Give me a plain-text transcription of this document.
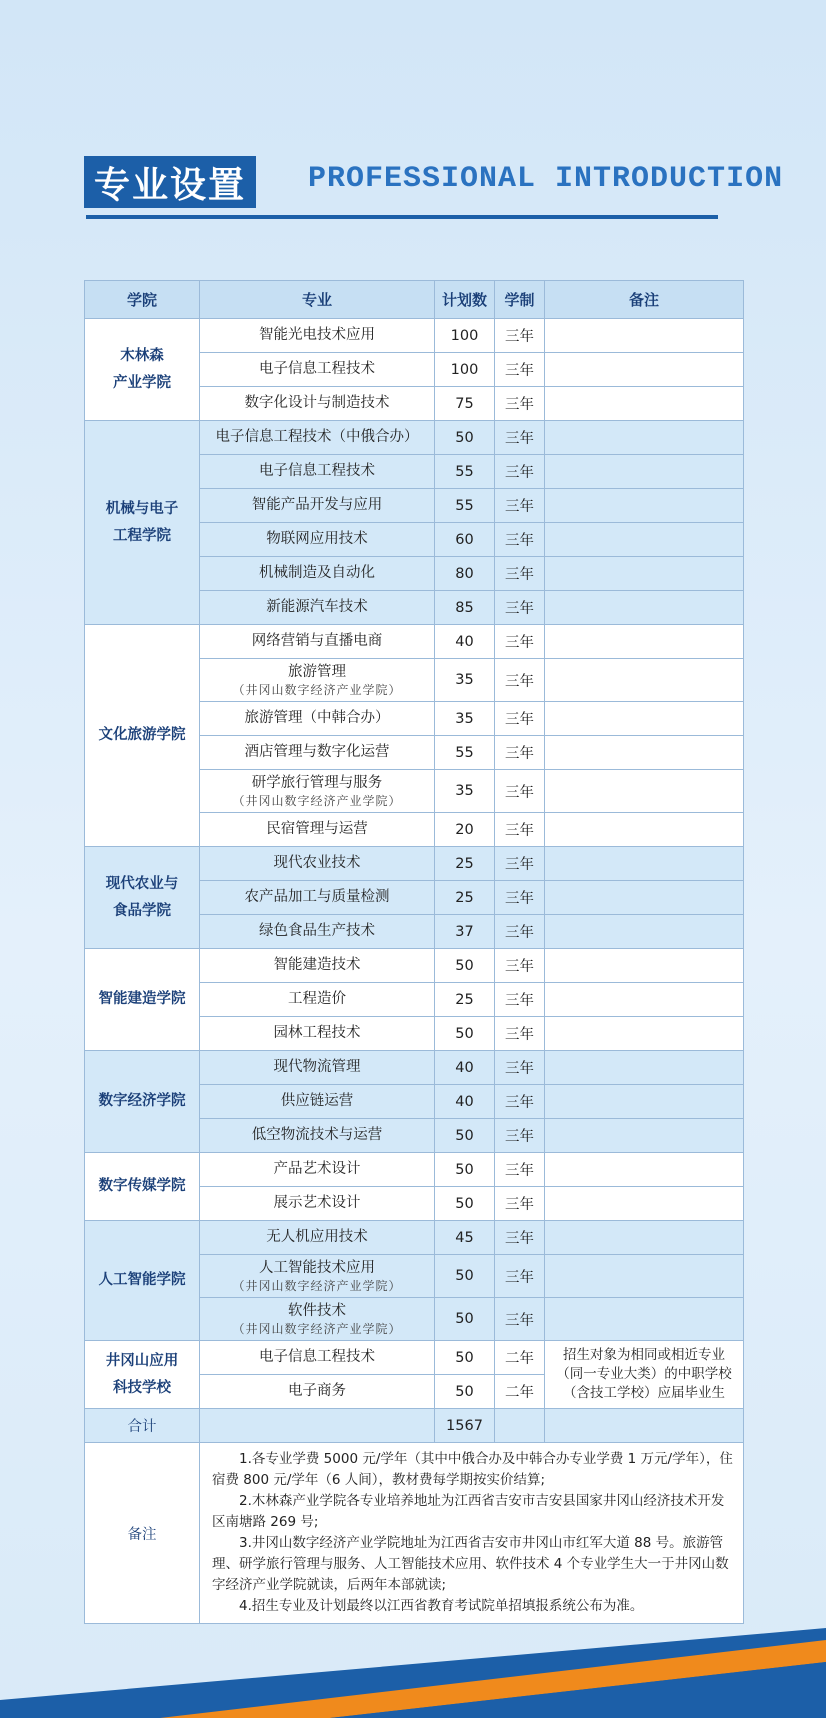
专业设置	PROFESSIONAL INTRODUCTION
学院	专业	计划数	学制	备注

木林森
产业学院	智能光电技术应用	100	三年	

	电子信息工程技术	100	三年	

	数字化设计与制造技术	75	三年	

机械与电子
工程学院	电子信息工程技术（中俄合办）	50	三年	

	电子信息工程技术	55	三年	

	智能产品开发与应用	55	三年	

	物联网应用技术	60	三年	

	机械制造及自动化	80	三年	

	新能源汽车技术	85	三年	

文化旅游学院	网络营销与直播电商	40	三年	

	旅游管理
（井冈山数字经济产业学院）	35	三年	

	旅游管理（中韩合办）	35	三年	

	酒店管理与数字化运营	55	三年	

	研学旅行管理与服务
（井冈山数字经济产业学院）	35	三年	

	民宿管理与运营	20	三年	

现代农业与
食品学院	现代农业技术	25	三年	

	农产品加工与质量检测	25	三年	

	绿色食品生产技术	37	三年	

智能建造学院	智能建造技术	50	三年	

	工程造价	25	三年	

	园林工程技术	50	三年	

数字经济学院	现代物流管理	40	三年	

	供应链运营	40	三年	

	低空物流技术与运营	50	三年	

数字传媒学院	产品艺术设计	50	三年	

	展示艺术设计	50	三年	

人工智能学院	无人机应用技术	45	三年	

	人工智能技术应用
（井冈山数字经济产业学院）	50	三年	

	软件技术
（井冈山数字经济产业学院）	50	三年	

井冈山应用
科技学校	电子信息工程技术	50	二年	招生对象为相同或相近专业
（同一专业大类）的中职学校
（含技工学校）应届毕业生

	电子商务	50	二年	
合计		1567		
备注	1.各专业学费 5000 元/学年（其中中俄合办及中韩合办专业学费 1 万元/学年），住宿费 800 元/学年（6 人间），教材费每学期按实价结算;

2.木林森产业学院各专业培养地址为江西省吉安市吉安县国家井冈山经济技术开发区南塘路 269 号;

3.井冈山数字经济产业学院地址为江西省吉安市井冈山市红军大道 88 号。旅游管理、研学旅行管理与服务、人工智能技术应用、软件技术 4 个专业学生大一于井冈山数字经济产业学院就读，后两年本部就读;

4.招生专业及计划最终以江西省教育考试院单招填报系统公布为准。			
